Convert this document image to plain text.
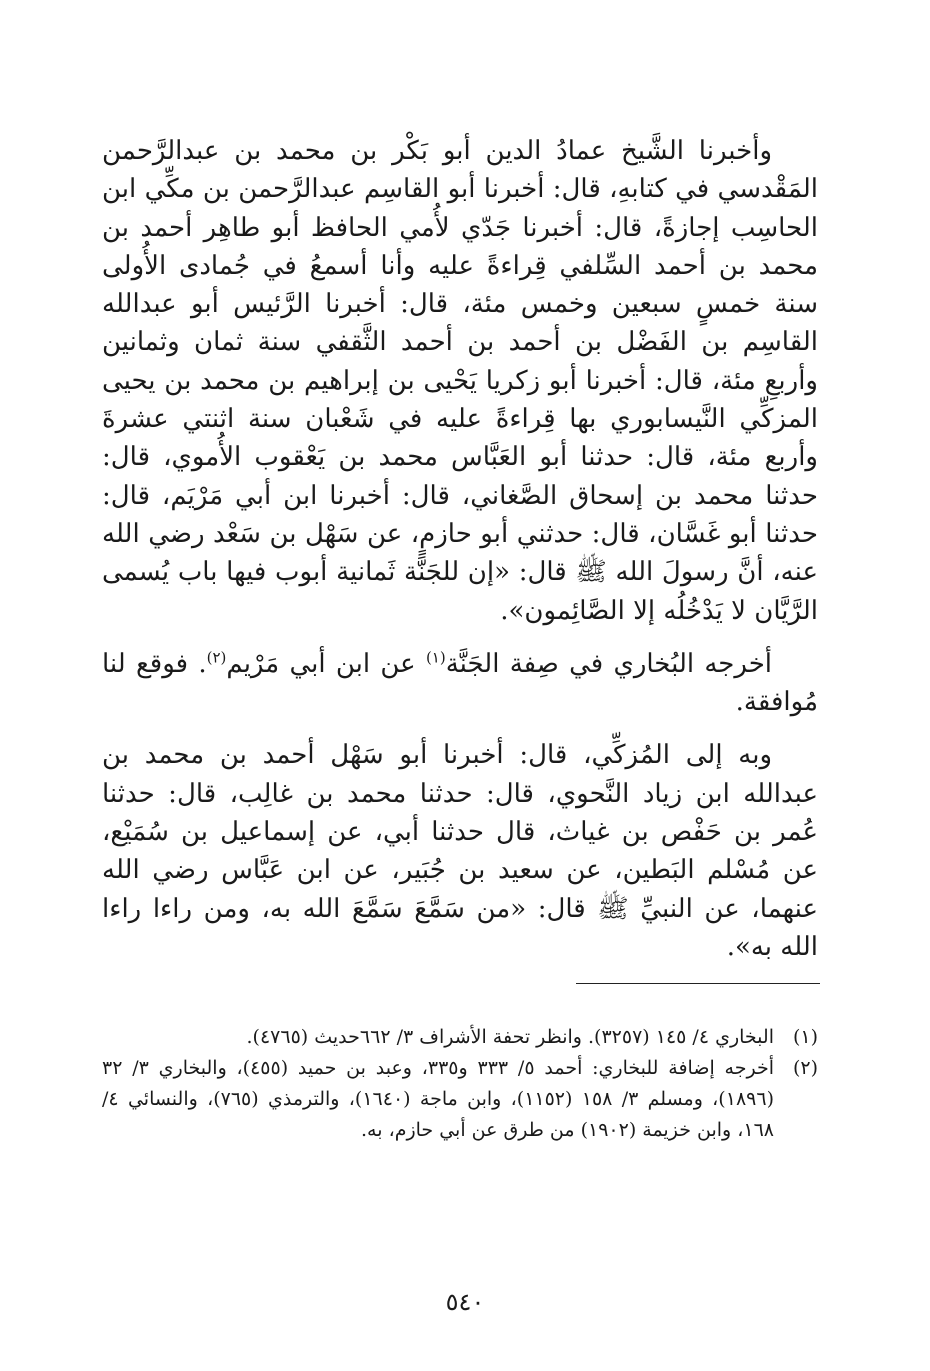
وأخبرنا الشَّيخ عمادُ الدين أبو بَكْر بن محمد بن عبدالرَّحمن المَقْدسي في كتابهِ، قال: أخبرنا أبو القاسِم عبدالرَّحمن بن مكِّي ابن الحاسِب إجازةً، قال: أخبرنا جَدّي لأُمي الحافظ أبو طاهِر أحمد بن محمد بن أحمد السِّلفي قِراءةً عليه وأنا أسمعُ في جُمادى الأُولى سنة خمسٍ سبعين وخمس مئة، قال: أخبرنا الرَّئيس أبو عبدالله القاسِم بن الفَضْل بن أحمد بن أحمد الثَّقفي سنة ثمان وثمانين وأربعِ مئة، قال: أخبرنا أبو زكريا يَحْيى بن إبراهيم بن محمد بن يحيى المزكِّي النَّيسابوري بها قِراءةً عليه في شَعْبان سنة اثنتي عشرةَ وأربع مئة، قال: حدثنا أبو العَبَّاس محمد بن يَعْقوب الأُموي، قال: حدثنا محمد بن إسحاق الصَّغاني، قال: أخبرنا ابن أبي مَرْيَم، قال: حدثنا أبو غَسَّان، قال: حدثني أبو حازمٍ، عن سَهْل بن سَعْد رضي الله عنه، أنَّ رسولَ الله ﷺ قال: «إن للجَنَّة ثَمانية أبوب فيها باب يُسمى الرَّيَّان لا يَدْخُلُه إلا الصَّائِمون».

أخرجه البُخاري في صِفة الجَنَّة$^{(١)}$ عن ابن أبي مَرْيم$^{(٢)}$. فوقع لنا مُوافقة.

وبه إلى المُزكِّي، قال: أخبرنا أبو سَهْل أحمد بن محمد بن عبدالله ابن زياد النَّحوي، قال: حدثنا محمد بن غالِب، قال: حدثنا عُمر بن حَفْص بن غياث، قال حدثنا أبي، عن إسماعيل بن سُمَيْع، عن مُسْلم البَطين، عن سعيد بن جُبَير، عن ابن عَبَّاس رضي الله عنهما، عن النبيِّ ﷺ قال: «من سَمَّعَ سَمَّعَ الله به، ومن راءا راءا الله به».

(١)
البخاري ٤/ ١٤٥ (٣٢٥٧). وانظر تحفة الأشراف ٣/ ٦٦٢حديث (٤٧٦٥).
(٢)
أخرجه إضافة للبخاري: أحمد ٥/ ٣٣٣ و٣٣٥، وعبد بن حميد (٤٥٥)، والبخاري ٣/ ٣٢ (١٨٩٦)، ومسلم ٣/ ١٥٨ (١١٥٢)، وابن ماجة (١٦٤٠)، والترمذي (٧٦٥)، والنسائي ٤/ ١٦٨، وابن خزيمة (١٩٠٢) من طرق عن أبي حازم، به.
٥٤٠
